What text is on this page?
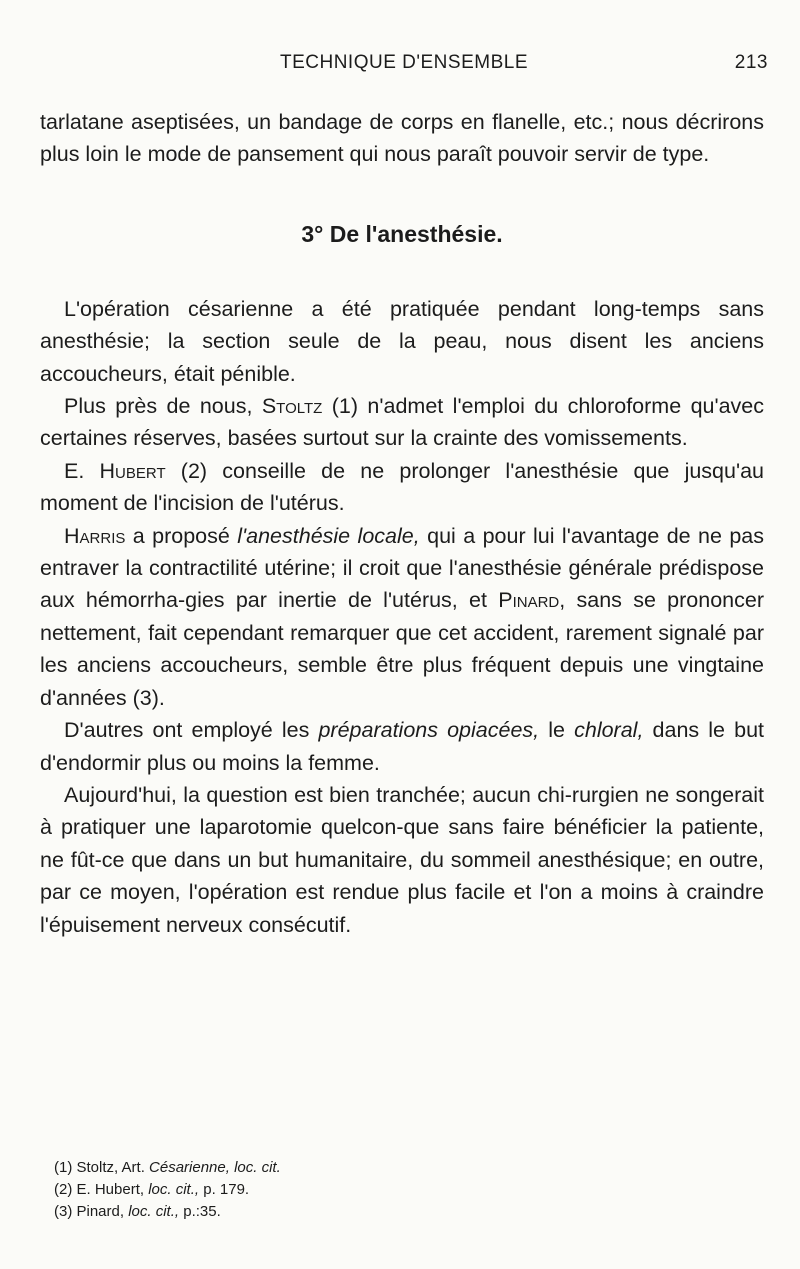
TECHNIQUE D'ENSEMBLE	213

tarlatane aseptisées, un bandage de corps en flanelle, etc.; nous décrirons plus loin le mode de pansement qui nous paraît pouvoir servir de type.

3° De l'anesthésie.

L'opération césarienne a été pratiquée pendant long-temps sans anesthésie; la section seule de la peau, nous disent les anciens accoucheurs, était pénible.

Plus près de nous, Stoltz (1) n'admet l'emploi du chloroforme qu'avec certaines réserves, basées surtout sur la crainte des vomissements.

E. Hubert (2) conseille de ne prolonger l'anesthésie que jusqu'au moment de l'incision de l'utérus.

Harris a proposé l'anesthésie locale, qui a pour lui l'avantage de ne pas entraver la contractilité utérine; il croit que l'anesthésie générale prédispose aux hémorrha-gies par inertie de l'utérus, et Pinard, sans se prononcer nettement, fait cependant remarquer que cet accident, rarement signalé par les anciens accoucheurs, semble être plus fréquent depuis une vingtaine d'années (3).

D'autres ont employé les préparations opiacées, le chloral, dans le but d'endormir plus ou moins la femme.

Aujourd'hui, la question est bien tranchée; aucun chi-rurgien ne songerait à pratiquer une laparotomie quelcon-que sans faire bénéficier la patiente, ne fût-ce que dans un but humanitaire, du sommeil anesthésique; en outre, par ce moyen, l'opération est rendue plus facile et l'on a moins à craindre l'épuisement nerveux consécutif.

(1) Stoltz, Art. Césarienne, loc. cit.

(2) E. Hubert, loc. cit., p. 179.

(3) Pinard, loc. cit., p.:35.
